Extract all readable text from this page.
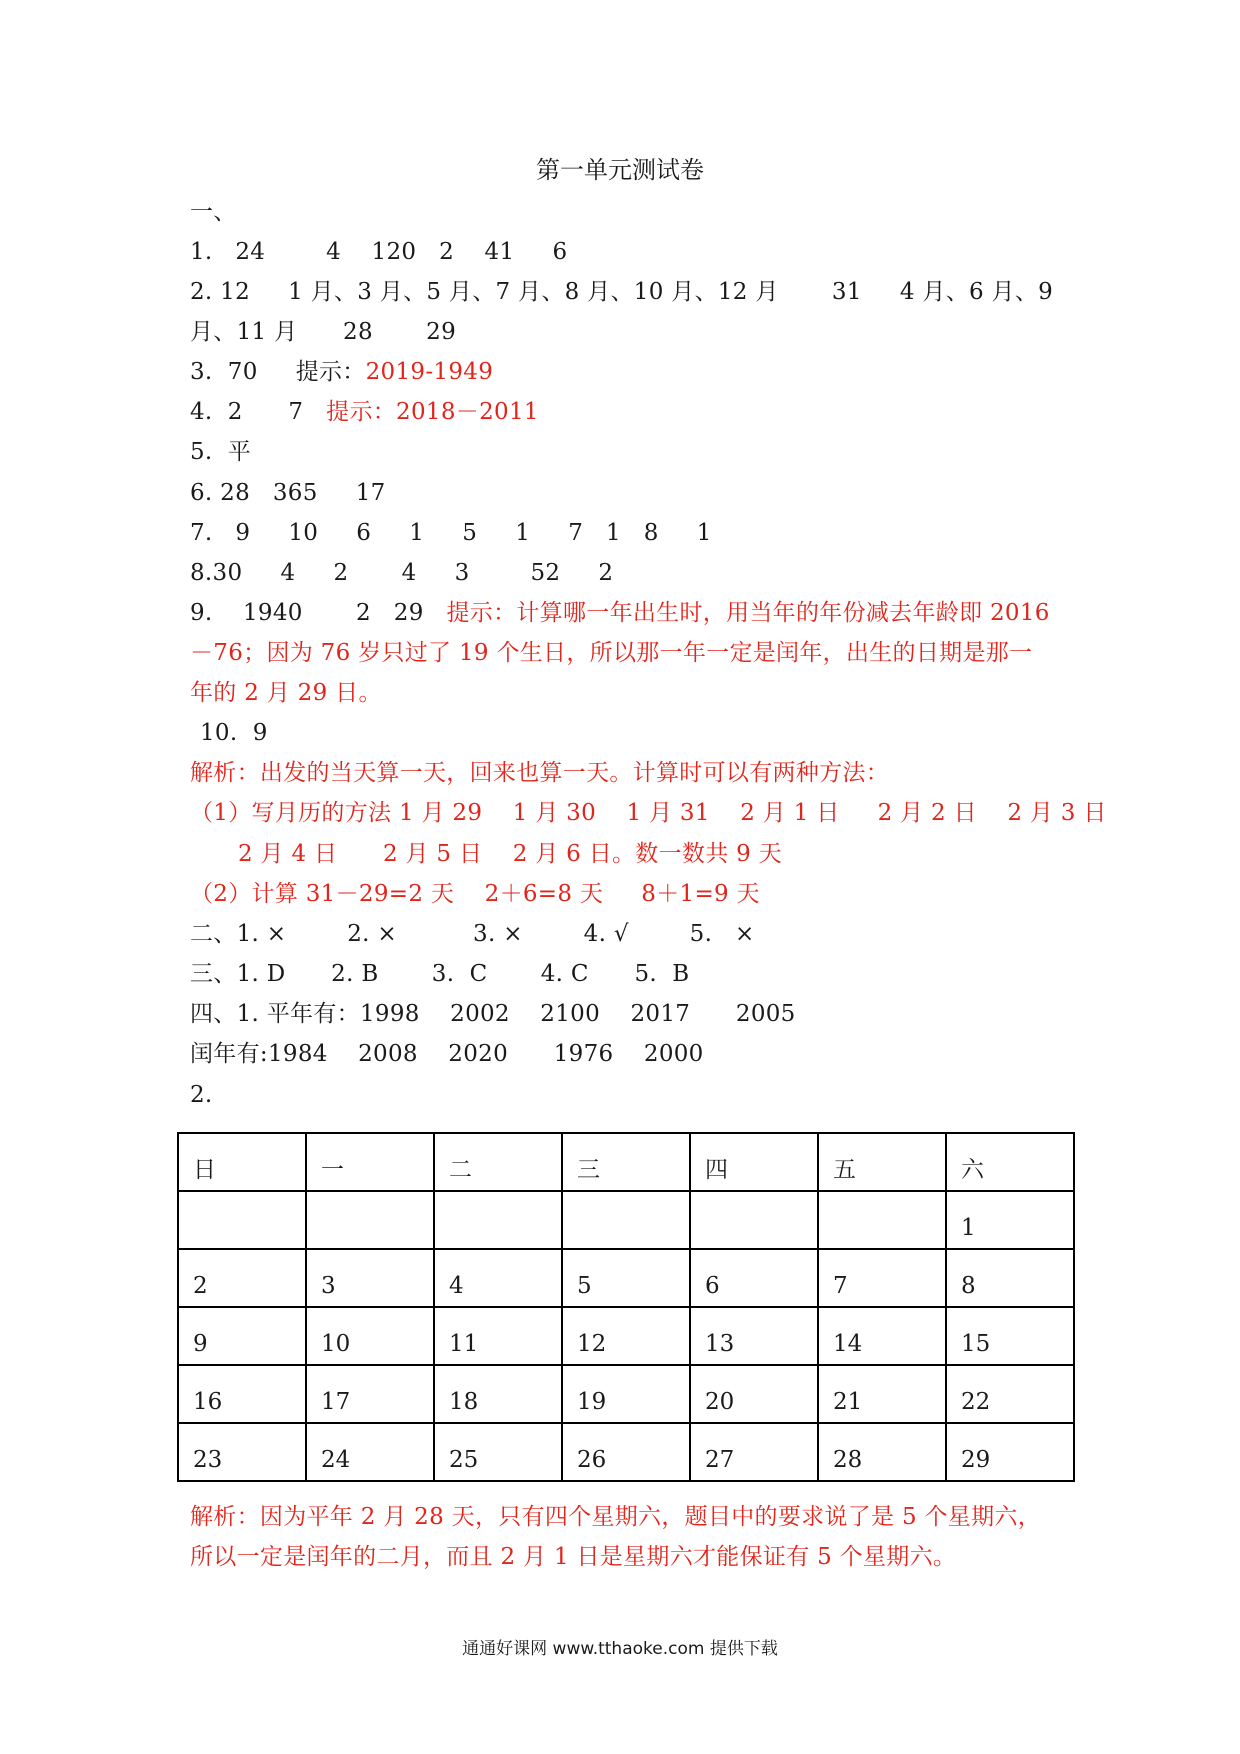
第一单元测试卷
一、
1.   24        4    120   2    41     6
2. 12     1 月、3 月、5 月、7 月、8 月、10 月、12 月       31     4 月、6 月、9
月、11 月      28       29
3.  70     提示：2019-1949
4.  2      7   提示：2018－2011
5.  平
6. 28   365     17
7.   9     10     6     1     5     1     7   1   8     1
8.30     4     2       4     3        52     2
9.    1940       2   29   提示：计算哪一年出生时，用当年的年份减去年龄即 2016
－76；因为 76 岁只过了 19 个生日，所以那一年一定是闰年，出生的日期是那一
年的 2 月 29 日。
10.  9
解析：出发的当天算一天，回来也算一天。计算时可以有两种方法：
（1）写月历的方法 1 月 29    1 月 30    1 月 31    2 月 1 日     2 月 2 日    2 月 3 日
2 月 4 日      2 月 5 日    2 月 6 日。数一数共 9 天
（2）计算 31－29=2 天    2＋6=8 天     8＋1=9 天
二、1. ×        2. ×          3. ×        4. √        5.   ×
三、1. D      2. B       3.  C       4. C      5.  B
四、1. 平年有：1998    2002    2100    2017      2005
闰年有:1984    2008    2020      1976    2000
2.
日	一	二	三	四	五	六

						1

2	3	4	5	6	7	8

9	10	11	12	13	14	15

16	17	18	19	20	21	22

23	24	25	26	27	28	29
解析：因为平年 2 月 28 天，只有四个星期六，题目中的要求说了是 5 个星期六，
所以一定是闰年的二月，而且 2 月 1 日是星期六才能保证有 5 个星期六。
通通好课网 www.tthaoke.com 提供下载
